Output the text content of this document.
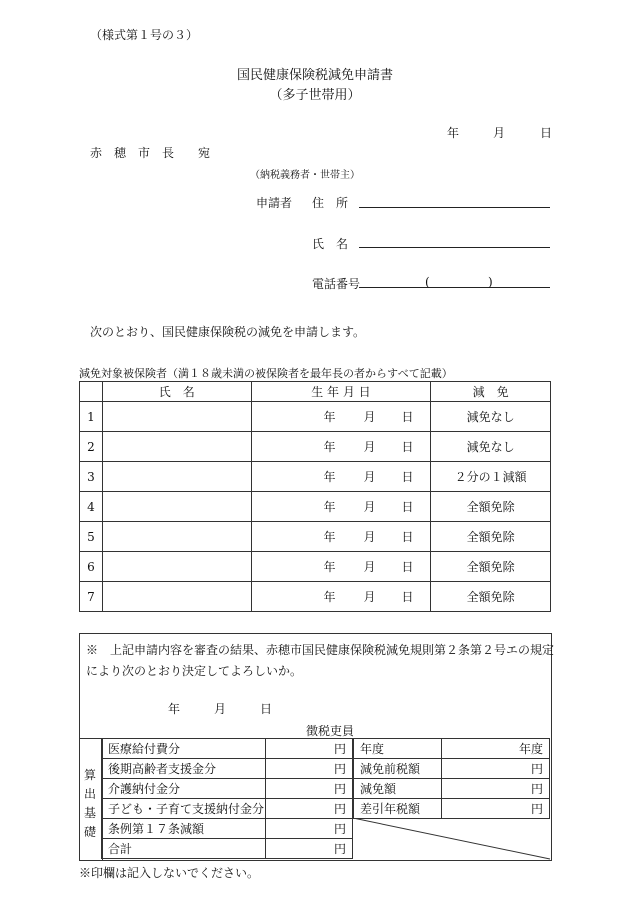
（様式第１号の３）
国民健康保険税減免申請書
（多子世帯用）
年	月	日
赤　穂　市　長　　宛
（納税義務者・世帯主）
申請者 住　所
氏　名
電話番号	(	)
次のとおり、国民健康保険税の減免を申請します。
減免対象被保険者（満１８歳未満の被保険者を最年長の者からすべて記載）
	氏　名	生 年 月 日	減　免
1		年 月 日	減免なし
2		年 月 日	減免なし
3		年 月 日	２分の１減額
4		年 月 日	全額免除
5		年 月 日	全額免除
6		年 月 日	全額免除
7		年 月 日	全額免除
※　上記申請内容を審査の結果、赤穂市国民健康保険税減免規則第２条第２号エの規定
により次のとおり決定してよろしいか。
年	月	日
徴税吏員
算
出
基
礎
医療給付費分	円
後期高齢者支援金分	円
介護納付金分	円
子ども・子育て支援納付金分	円
条例第１７条減額	円
合計	円
年度	年度
減免前税額	円
減免額	円
差引年税額	円
※印欄は記入しないでください。
